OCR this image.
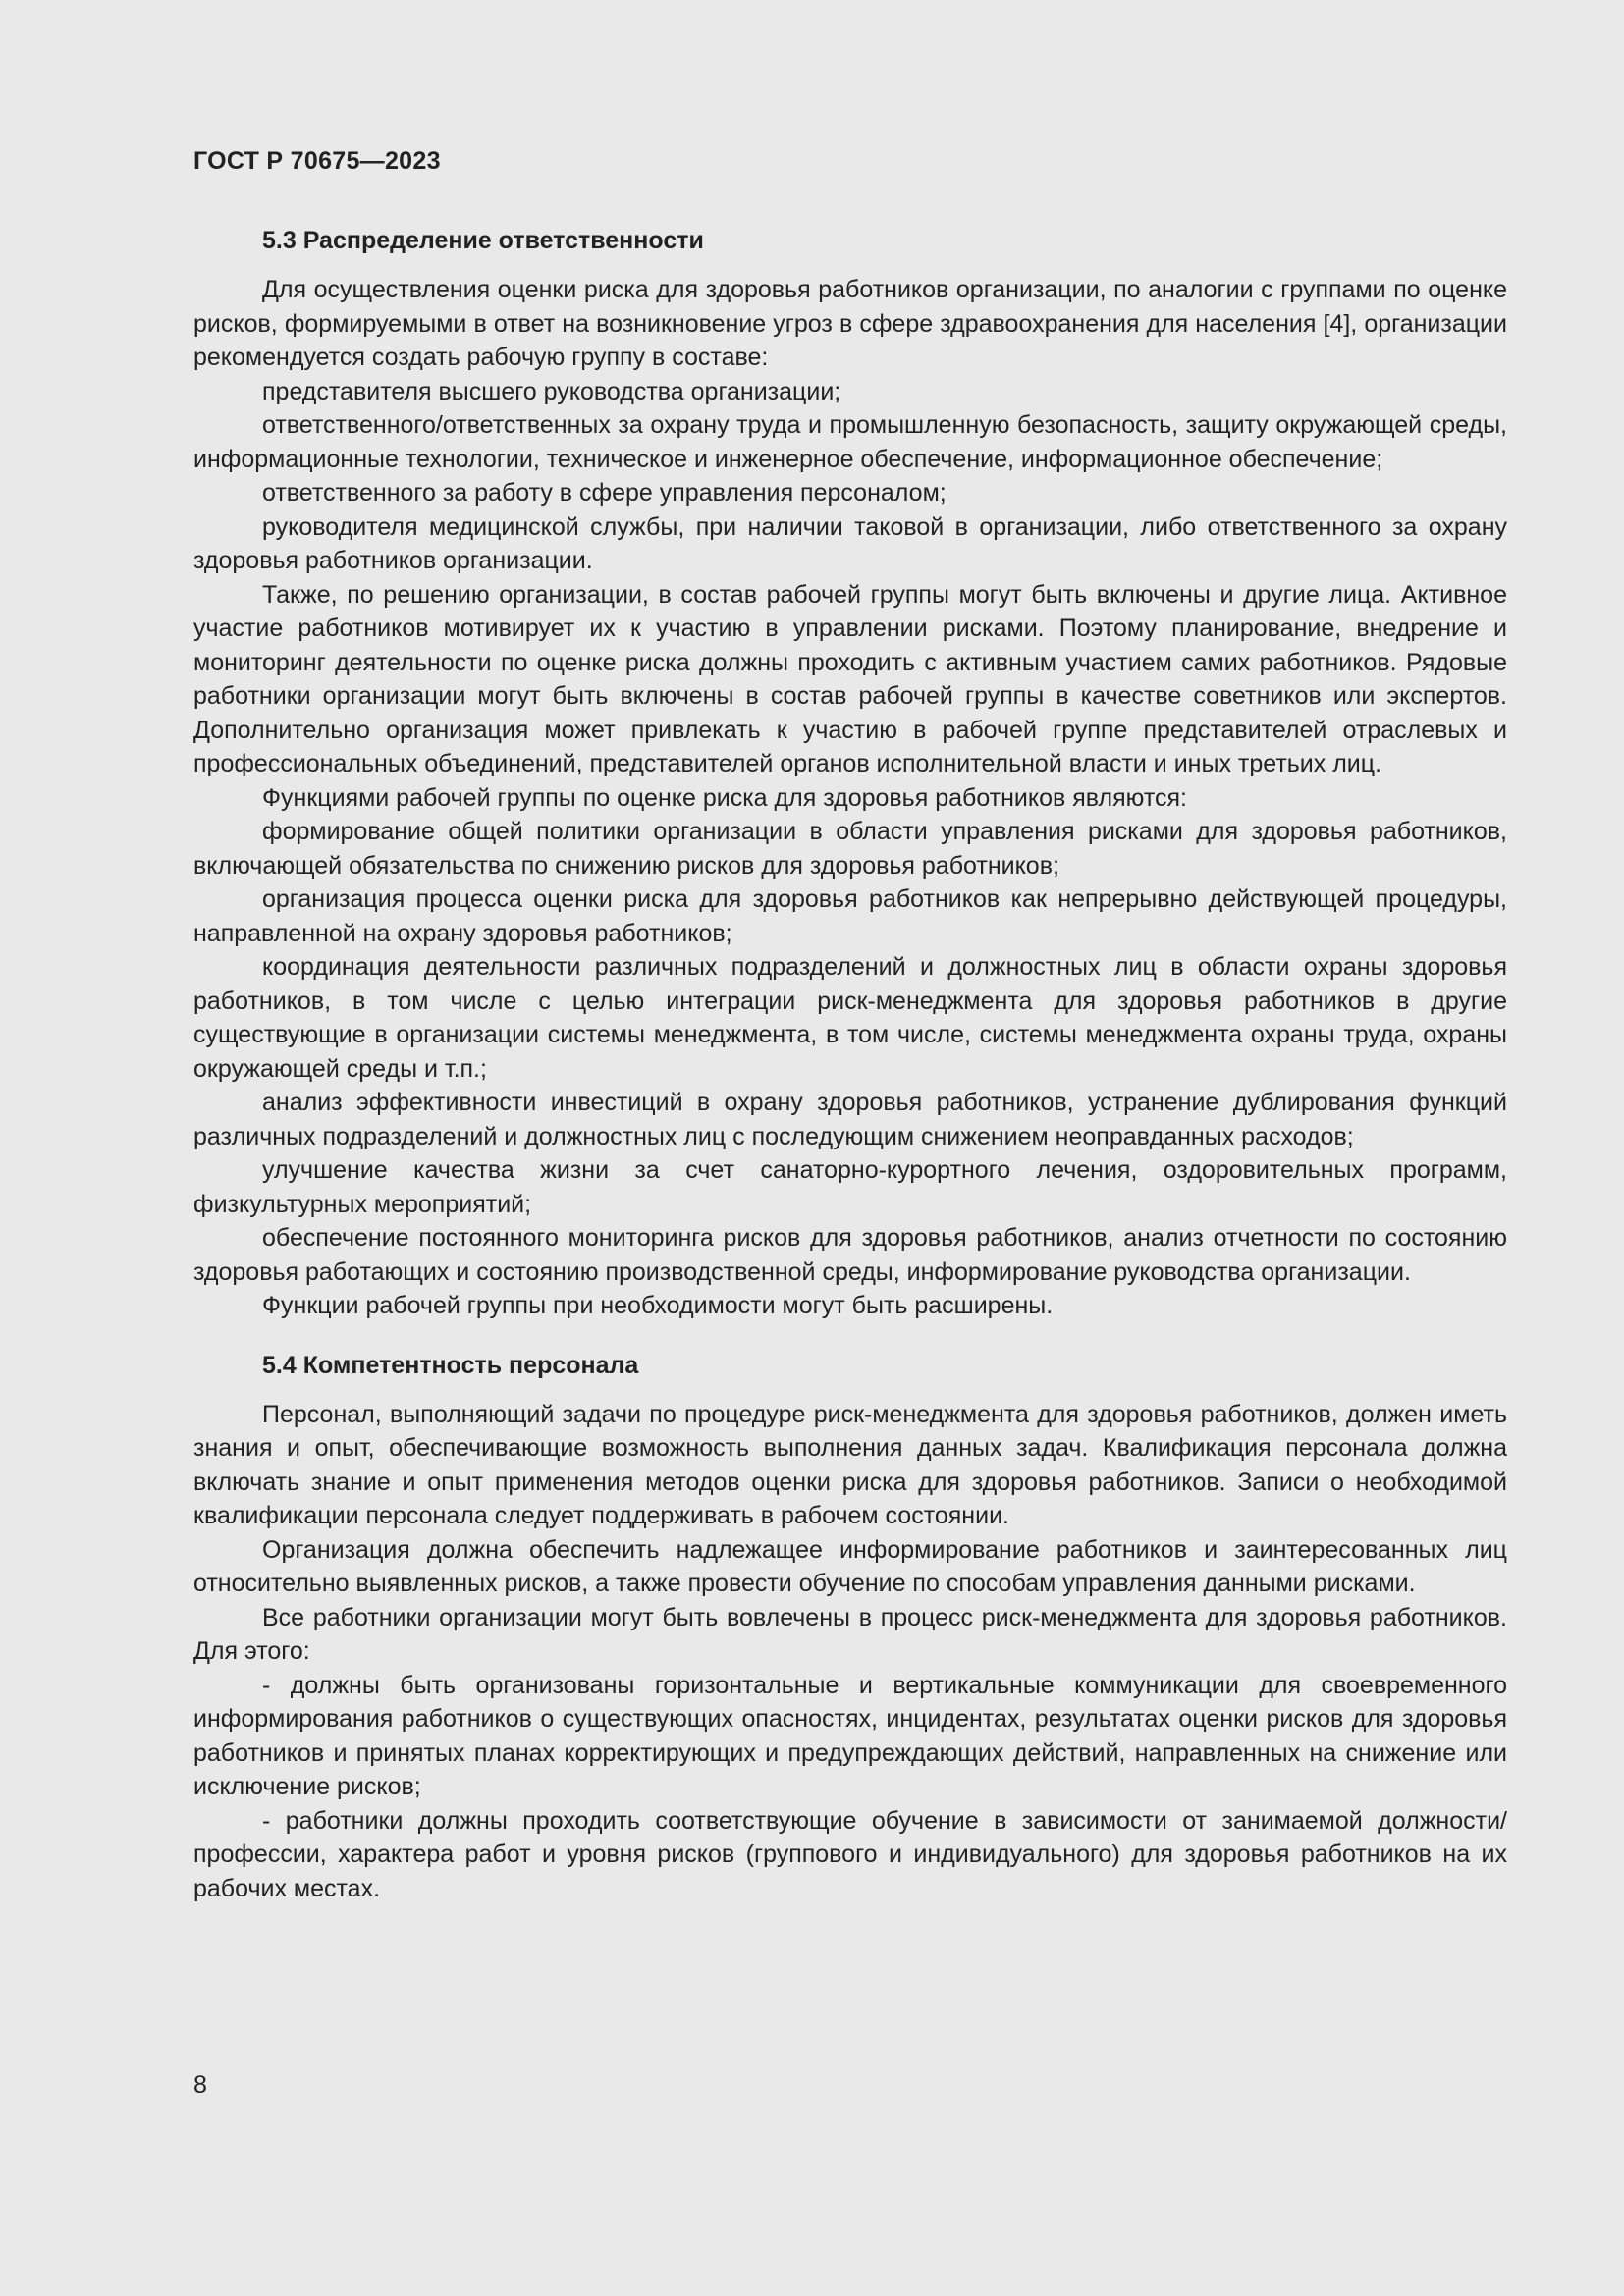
ГОСТ Р 70675—2023
5.3 Распределение ответственности

Для осуществления оценки риска для здоровья работников организации, по аналогии с группами по оценке рисков, формируемыми в ответ на возникновение угроз в сфере здравоохранения для населения [4], организации рекомендуется создать рабочую группу в составе:

представителя высшего руководства организации;

ответственного/ответственных за охрану труда и промышленную безопасность, защиту окружающей среды, информационные технологии, техническое и инженерное обеспечение, информационное обеспечение;

ответственного за работу в сфере управления персоналом;

руководителя медицинской службы, при наличии таковой в организации, либо ответственного за охрану здоровья работников организации.

Также, по решению организации, в состав рабочей группы могут быть включены и другие лица. Активное участие работников мотивирует их к участию в управлении рисками. Поэтому планирование, внедрение и мониторинг деятельности по оценке риска должны проходить с активным участием самих работников. Рядовые работники организации могут быть включены в состав рабочей группы в качестве советников или экспертов. Дополнительно организация может привлекать к участию в рабочей группе представителей отраслевых и профессиональных объединений, представителей органов исполнительной власти и иных третьих лиц.

Функциями рабочей группы по оценке риска для здоровья работников являются:

формирование общей политики организации в области управления рисками для здоровья работников, включающей обязательства по снижению рисков для здоровья работников;

организация процесса оценки риска для здоровья работников как непрерывно действующей процедуры, направленной на охрану здоровья работников;

координация деятельности различных подразделений и должностных лиц в области охраны здоровья работников, в том числе с целью интеграции риск-менеджмента для здоровья работников в другие существующие в организации системы менеджмента, в том числе, системы менеджмента охраны труда, охраны окружающей среды и т.п.;

анализ эффективности инвестиций в охрану здоровья работников, устранение дублирования функций различных подразделений и должностных лиц с последующим снижением неоправданных расходов;

улучшение качества жизни за счет санаторно-курортного лечения, оздоровительных программ, физкультурных мероприятий;

обеспечение постоянного мониторинга рисков для здоровья работников, анализ отчетности по состоянию здоровья работающих и состоянию производственной среды, информирование руководства организации.

Функции рабочей группы при необходимости могут быть расширены.

5.4 Компетентность персонала

Персонал, выполняющий задачи по процедуре риск-менеджмента для здоровья работников, должен иметь знания и опыт, обеспечивающие возможность выполнения данных задач. Квалификация персонала должна включать знание и опыт применения методов оценки риска для здоровья работников. Записи о необходимой квалификации персонала следует поддерживать в рабочем состоянии.

Организация должна обеспечить надлежащее информирование работников и заинтересованных лиц относительно выявленных рисков, а также провести обучение по способам управления данными рисками.

Все работники организации могут быть вовлечены в процесс риск-менеджмента для здоровья работников. Для этого:

- должны быть организованы горизонтальные и вертикальные коммуникации для своевременного информирования работников о существующих опасностях, инцидентах, результатах оценки рисков для здоровья работников и принятых планах корректирующих и предупреждающих действий, направленных на снижение или исключение рисков;

- работники должны проходить соответствующие обучение в зависимости от занимаемой должности/профессии, характера работ и уровня рисков (группового и индивидуального) для здоровья работников на их рабочих местах.

8
